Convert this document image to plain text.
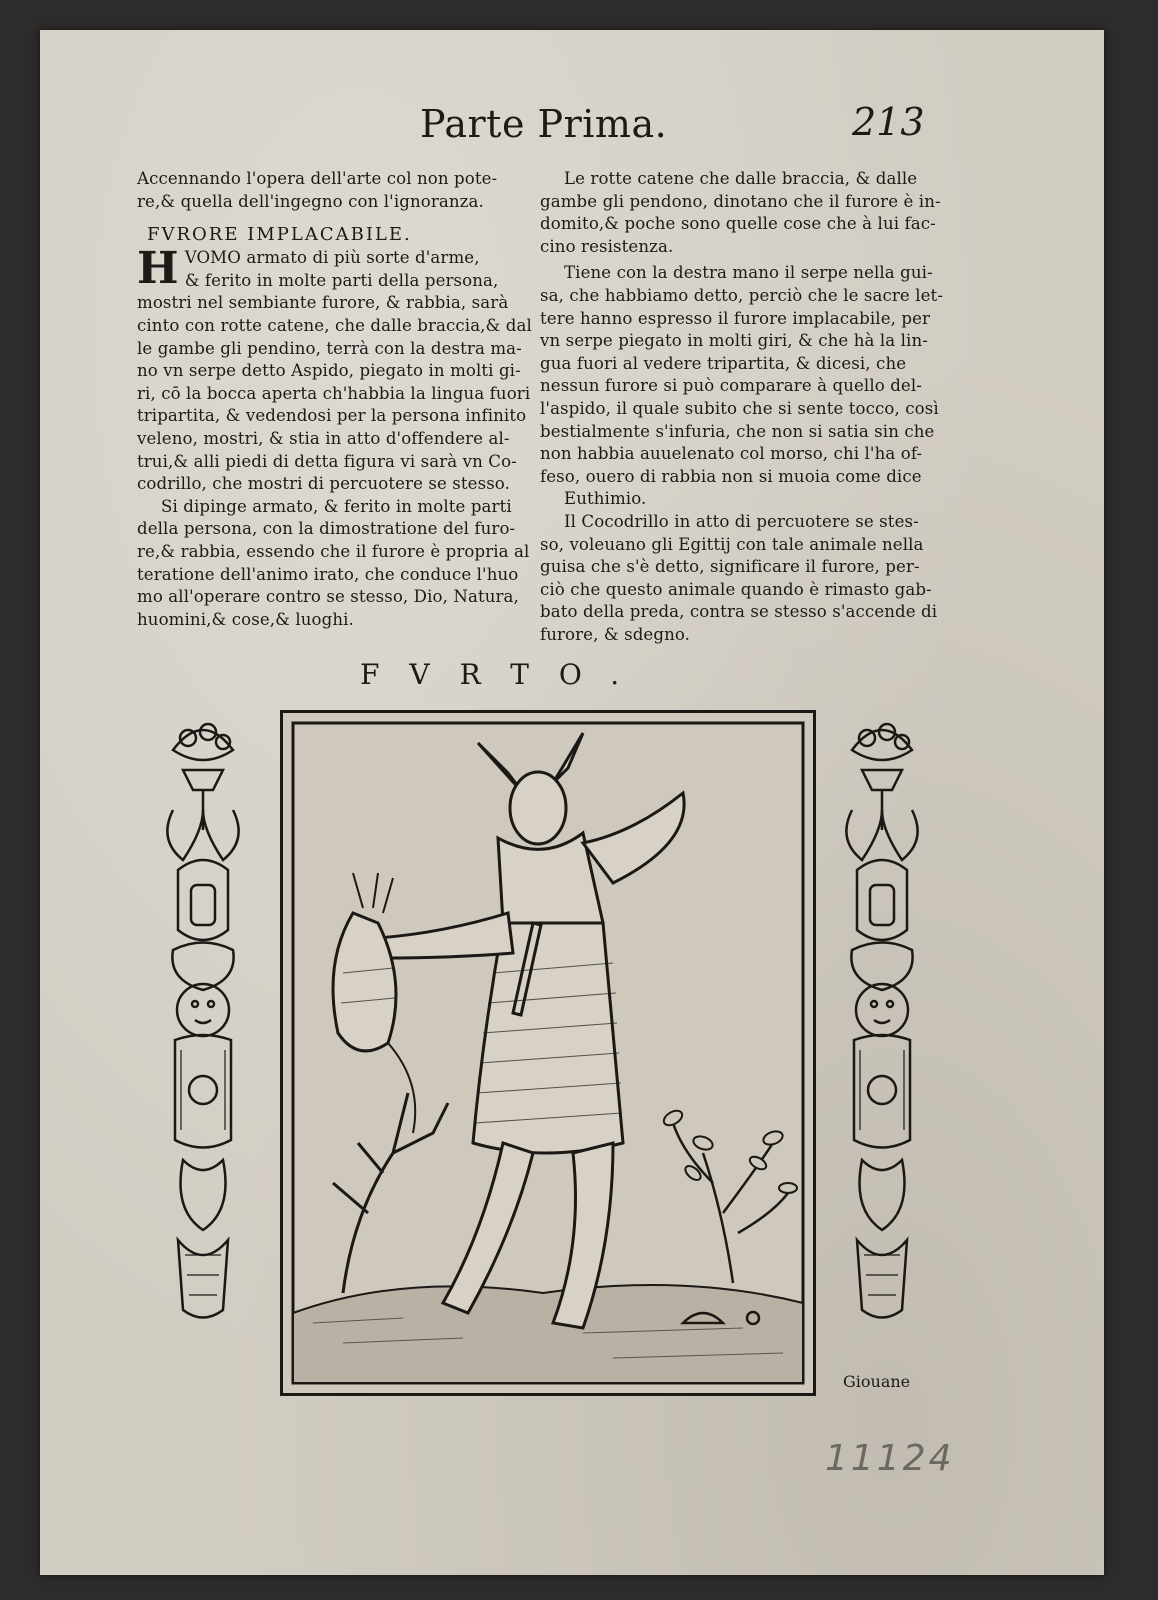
Parte Prima.	213
Accennando l'opera dell'arte col non pote-
re,& quella dell'ingegno con l'ignoranza.
FVRORE IMPLACABILE.
H VOMO armato di più sorte d'arme,
& ferito in molte parti della persona,
mostri nel sembiante furore, & rabbia, sarà
cinto con rotte catene, che dalle braccia,& dal
le gambe gli pendino, terrà con la destra ma-
no vn serpe detto Aspido, piegato in molti gi-
ri, cō la bocca aperta ch'habbia la lingua fuori
tripartita, & vedendosi per la persona infinito
veleno, mostri, & stia in atto d'offendere al-
trui,& alli piedi di detta figura vi sarà vn Co-
codrillo, che mostri di percuotere se stesso.
Si dipinge armato, & ferito in molte parti
della persona, con la dimostratione del furo-
re,& rabbia, essendo che il furore è propria al
teratione dell'animo irato, che conduce l'huo
mo all'operare contro se stesso, Dio, Natura,
huomini,& cose,& luoghi.
Le rotte catene che dalle braccia, & dalle
gambe gli pendono, dinotano che il furore è in-
domito,& poche sono quelle cose che à lui fac-
cino resistenza.
Tiene con la destra mano il serpe nella gui-
sa, che habbiamo detto, perciò che le sacre let-
tere hanno espresso il furore implacabile, per
vn serpe piegato in molti giri, & che hà la lin-
gua fuori al vedere tripartita, & dicesi, che
nessun furore si può comparare à quello del-
l'aspido, il quale subito che si sente tocco, così
bestialmente s'infuria, che non si satia sin che
non habbia auuelenato col morso, chi l'ha of-
feso, ouero di rabbia non si muoia come dice
Euthimio.
Il Cocodrillo in atto di percuotere se stes-
so, voleuano gli Egittij con tale animale nella
guisa che s'è detto, significare il furore, per-
ciò che questo animale quando è rimasto gab-
bato della preda, contra se stesso s'accende di
furore, & sdegno.
FVRTO.
Giouane
11124
